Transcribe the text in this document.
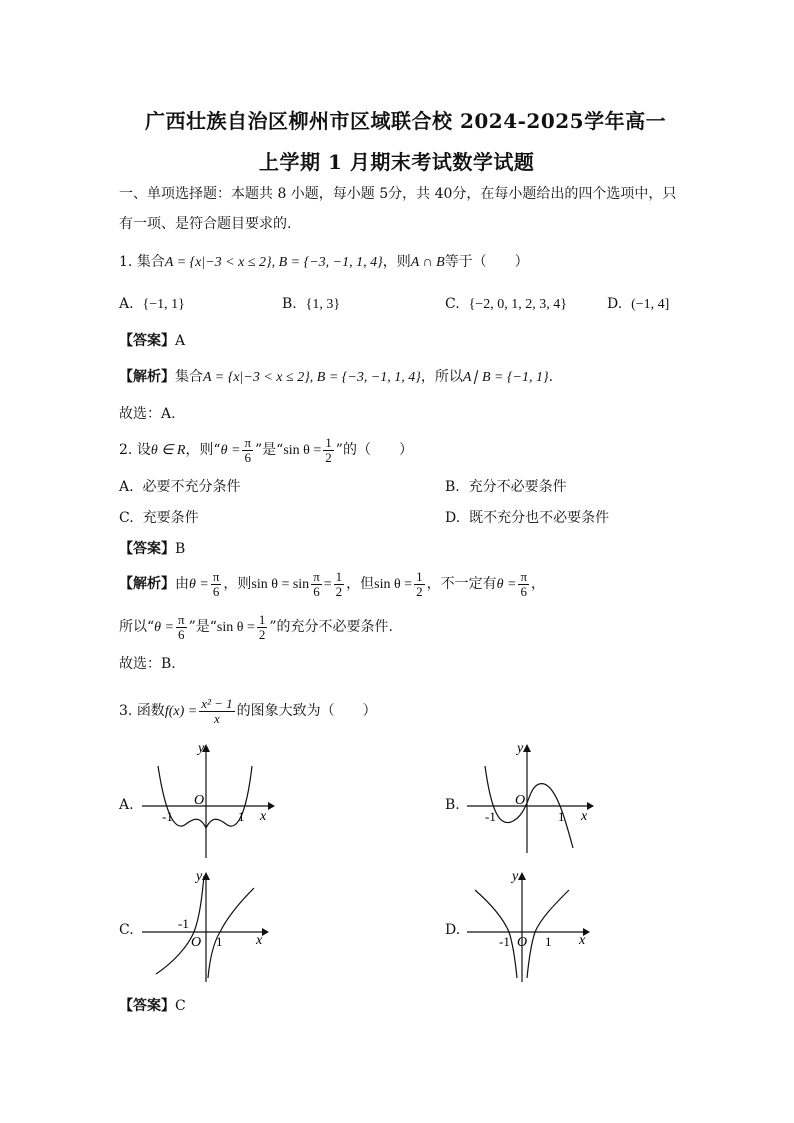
广西壮族自治区柳州市区域联合校 2024-2025学年高一
上学期 1 月期末考试数学试题
一、单项选择题：本题共 8 小题，每小题 5分，共 40分，在每小题给出的四个选项中，只
有一项、是符合题目要求的.
1. 集合A = {x|−3 < x ≤ 2}, B = {−3, −1, 1, 4}，则A ∩ B等于（　　）
A. {−1, 1}	B. {1, 3}	C. {−2, 0, 1, 2, 3, 4}	D. (−1, 4]
【答案】A
【解析】集合A = {x|−3 < x ≤ 2}, B = {−3, −1, 1, 4}，所以A∣ B = {−1, 1}.
故选：A.
2. 设θ ∈ R，则“$\theta = \frac{\pi}{6}$ ”是“sin $\theta = \frac{1}{2}$ ”的（　　）
A. 必要不充分条件	B. 充分不必要条件
C. 充要条件	D. 既不充分也不必要条件
【答案】B
【解析】由$\theta = \frac{\pi}{6}$ ，则$\sin \theta = \sin \frac{\pi}{6} = \frac{1}{2}$ ，但$\sin \theta = \frac{1}{2}$ ，不一定有$\theta = \frac{\pi}{6}$ ，
所以“$\theta = \frac{\pi}{6}$ ”是“sin $\theta = \frac{1}{2}$ ”的充分不必要条件.
故选：B.
3. 函数$f(x) = \frac{\text{x² − 1}}{x}$ 的图象大致为（　　）
A.	B.
C.	D.
y
x
O
-1	1
y
x
O
-1	1
y
x
O
-1
1
y
x
O
-1	1
【答案】C
